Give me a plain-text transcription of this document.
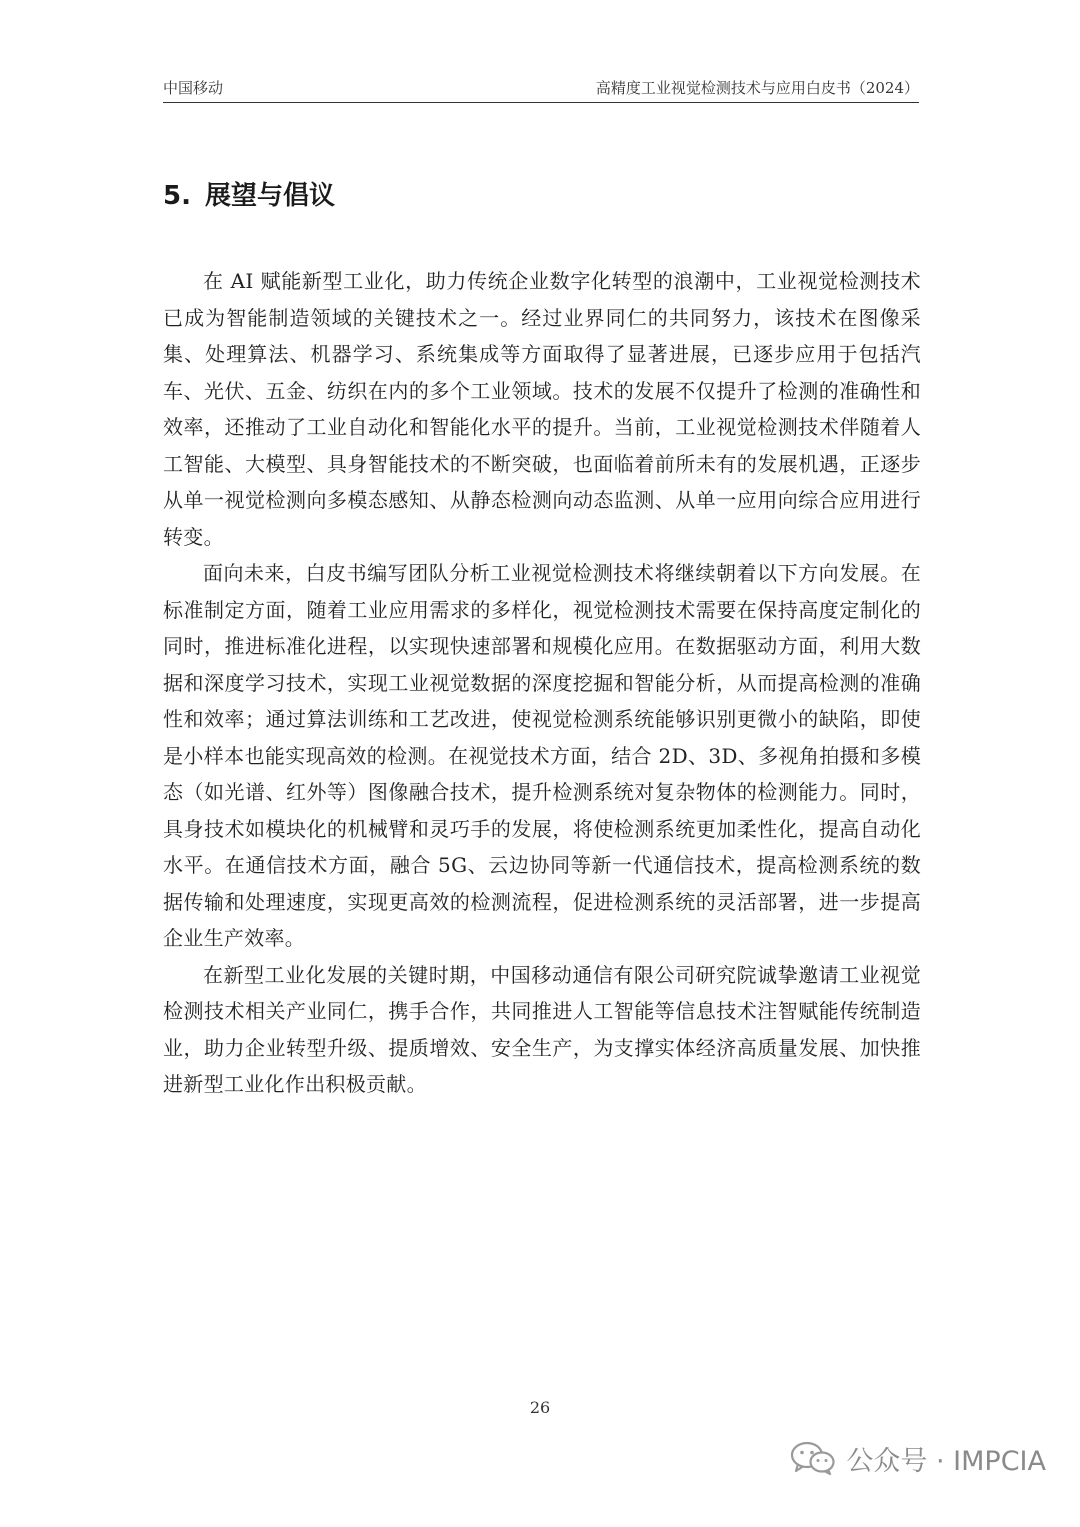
中国移动	高精度工业视觉检测技术与应用白皮书（2024）
5. 展望与倡议

在 AI 赋能新型工业化，助力传统企业数字化转型的浪潮中，工业视觉检测技术已成为智能制造领域的关键技术之一。经过业界同仁的共同努力，该技术在图像采集、处理算法、机器学习、系统集成等方面取得了显著进展，已逐步应用于包括汽车、光伏、五金、纺织在内的多个工业领域。技术的发展不仅提升了检测的准确性和效率，还推动了工业自动化和智能化水平的提升。当前，工业视觉检测技术伴随着人工智能、大模型、具身智能技术的不断突破，也面临着前所未有的发展机遇，正逐步从单一视觉检测向多模态感知、从静态检测向动态监测、从单一应用向综合应用进行转变。

面向未来，白皮书编写团队分析工业视觉检测技术将继续朝着以下方向发展。在标准制定方面，随着工业应用需求的多样化，视觉检测技术需要在保持高度定制化的同时，推进标准化进程，以实现快速部署和规模化应用。在数据驱动方面，利用大数据和深度学习技术，实现工业视觉数据的深度挖掘和智能分析，从而提高检测的准确性和效率；通过算法训练和工艺改进，使视觉检测系统能够识别更微小的缺陷，即使是小样本也能实现高效的检测。在视觉技术方面，结合 2D、3D、多视角拍摄和多模态（如光谱、红外等）图像融合技术，提升检测系统对复杂物体的检测能力。同时，具身技术如模块化的机械臂和灵巧手的发展，将使检测系统更加柔性化，提高自动化水平。在通信技术方面，融合 5G、云边协同等新一代通信技术，提高检测系统的数据传输和处理速度，实现更高效的检测流程，促进检测系统的灵活部署，进一步提高企业生产效率。

在新型工业化发展的关键时期，中国移动通信有限公司研究院诚挚邀请工业视觉检测技术相关产业同仁，携手合作，共同推进人工智能等信息技术注智赋能传统制造业，助力企业转型升级、提质增效、安全生产，为支撑实体经济高质量发展、加快推进新型工业化作出积极贡献。

26
公众号 · IMPCIA
